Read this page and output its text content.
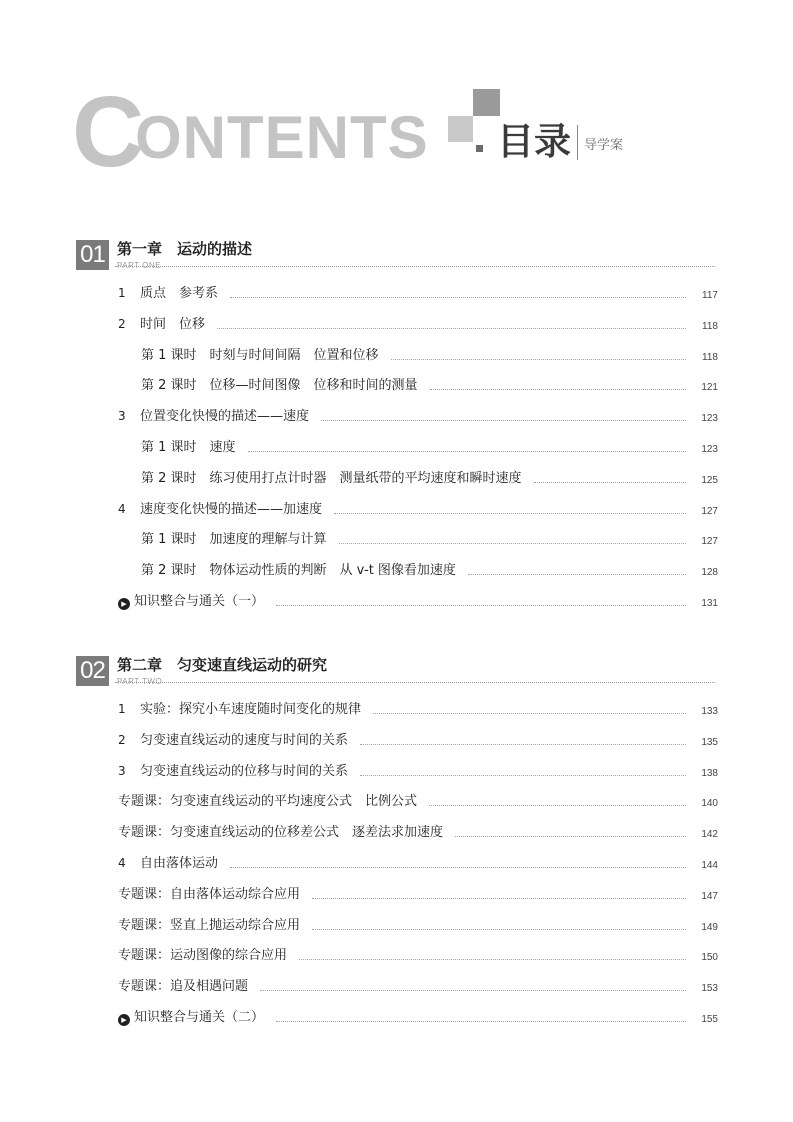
C
ONTENTS 目录 导学案
01 第一章　运动的描述
PART ONE
1 质点　参考系	117
2 时间　位移	118
第 1 课时　时刻与时间间隔　位置和位移	118
第 2 课时　位移—时间图像　位移和时间的测量	121
3 位置变化快慢的描述——速度	123
第 1 课时　速度	123
第 2 课时　练习使用打点计时器　测量纸带的平均速度和瞬时速度	125
4 速度变化快慢的描述——加速度	127
第 1 课时　加速度的理解与计算	127
第 2 课时　物体运动性质的判断　从 v-t 图像看加速度	128
▶ 知识整合与通关（一）	131
02 第二章　匀变速直线运动的研究
PART TWO
1 实验：探究小车速度随时间变化的规律	133
2 匀变速直线运动的速度与时间的关系	135
3 匀变速直线运动的位移与时间的关系	138
专题课：匀变速直线运动的平均速度公式　比例公式	140
专题课：匀变速直线运动的位移差公式　逐差法求加速度	142
4 自由落体运动	144
专题课：自由落体运动综合应用	147
专题课：竖直上抛运动综合应用	149
专题课：运动图像的综合应用	150
专题课：追及相遇问题	153
▶ 知识整合与通关（二）	155
